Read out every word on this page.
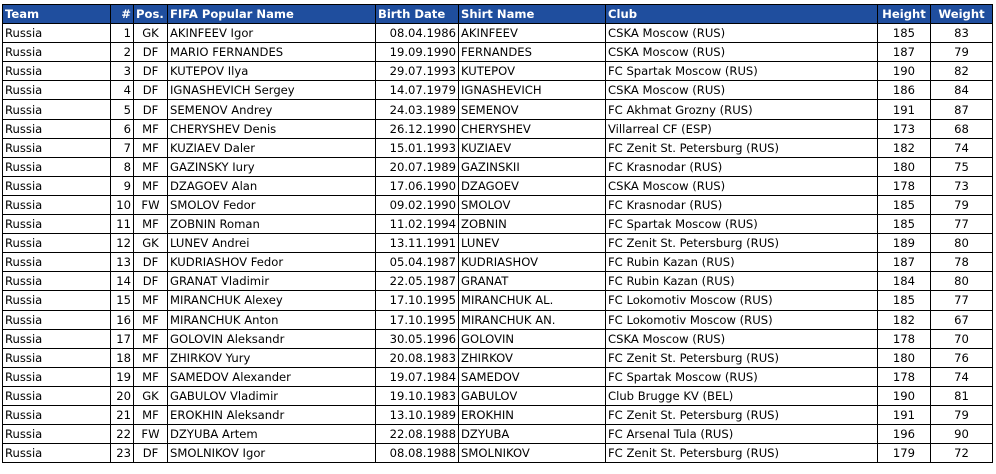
Team	#	Pos.	FIFA Popular Name	Birth Date	Shirt Name	Club	Height	Weight
Russia	1	GK	AKINFEEV Igor	08.04.1986	AKINFEEV	CSKA Moscow (RUS)	185	83
Russia	2	DF	MARIO FERNANDES	19.09.1990	FERNANDES	CSKA Moscow (RUS)	187	79
Russia	3	DF	KUTEPOV Ilya	29.07.1993	KUTEPOV	FC Spartak Moscow (RUS)	190	82
Russia	4	DF	IGNASHEVICH Sergey	14.07.1979	IGNASHEVICH	CSKA Moscow (RUS)	186	84
Russia	5	DF	SEMENOV Andrey	24.03.1989	SEMENOV	FC Akhmat Grozny (RUS)	191	87
Russia	6	MF	CHERYSHEV Denis	26.12.1990	CHERYSHEV	Villarreal CF (ESP)	173	68
Russia	7	MF	KUZIAEV Daler	15.01.1993	KUZIAEV	FC Zenit St. Petersburg (RUS)	182	74
Russia	8	MF	GAZINSKY Iury	20.07.1989	GAZINSKII	FC Krasnodar (RUS)	180	75
Russia	9	MF	DZAGOEV Alan	17.06.1990	DZAGOEV	CSKA Moscow (RUS)	178	73
Russia	10	FW	SMOLOV Fedor	09.02.1990	SMOLOV	FC Krasnodar (RUS)	185	79
Russia	11	MF	ZOBNIN Roman	11.02.1994	ZOBNIN	FC Spartak Moscow (RUS)	185	77
Russia	12	GK	LUNEV Andrei	13.11.1991	LUNEV	FC Zenit St. Petersburg (RUS)	189	80
Russia	13	DF	KUDRIASHOV Fedor	05.04.1987	KUDRIASHOV	FC Rubin Kazan (RUS)	187	78
Russia	14	DF	GRANAT Vladimir	22.05.1987	GRANAT	FC Rubin Kazan (RUS)	184	80
Russia	15	MF	MIRANCHUK Alexey	17.10.1995	MIRANCHUK AL.	FC Lokomotiv Moscow (RUS)	185	77
Russia	16	MF	MIRANCHUK Anton	17.10.1995	MIRANCHUK AN.	FC Lokomotiv Moscow (RUS)	182	67
Russia	17	MF	GOLOVIN Aleksandr	30.05.1996	GOLOVIN	CSKA Moscow (RUS)	178	70
Russia	18	MF	ZHIRKOV Yury	20.08.1983	ZHIRKOV	FC Zenit St. Petersburg (RUS)	180	76
Russia	19	MF	SAMEDOV Alexander	19.07.1984	SAMEDOV	FC Spartak Moscow (RUS)	178	74
Russia	20	GK	GABULOV Vladimir	19.10.1983	GABULOV	Club Brugge KV (BEL)	190	81
Russia	21	MF	EROKHIN Aleksandr	13.10.1989	EROKHIN	FC Zenit St. Petersburg (RUS)	191	79
Russia	22	FW	DZYUBA Artem	22.08.1988	DZYUBA	FC Arsenal Tula (RUS)	196	90
Russia	23	DF	SMOLNIKOV Igor	08.08.1988	SMOLNIKOV	FC Zenit St. Petersburg (RUS)	179	72
